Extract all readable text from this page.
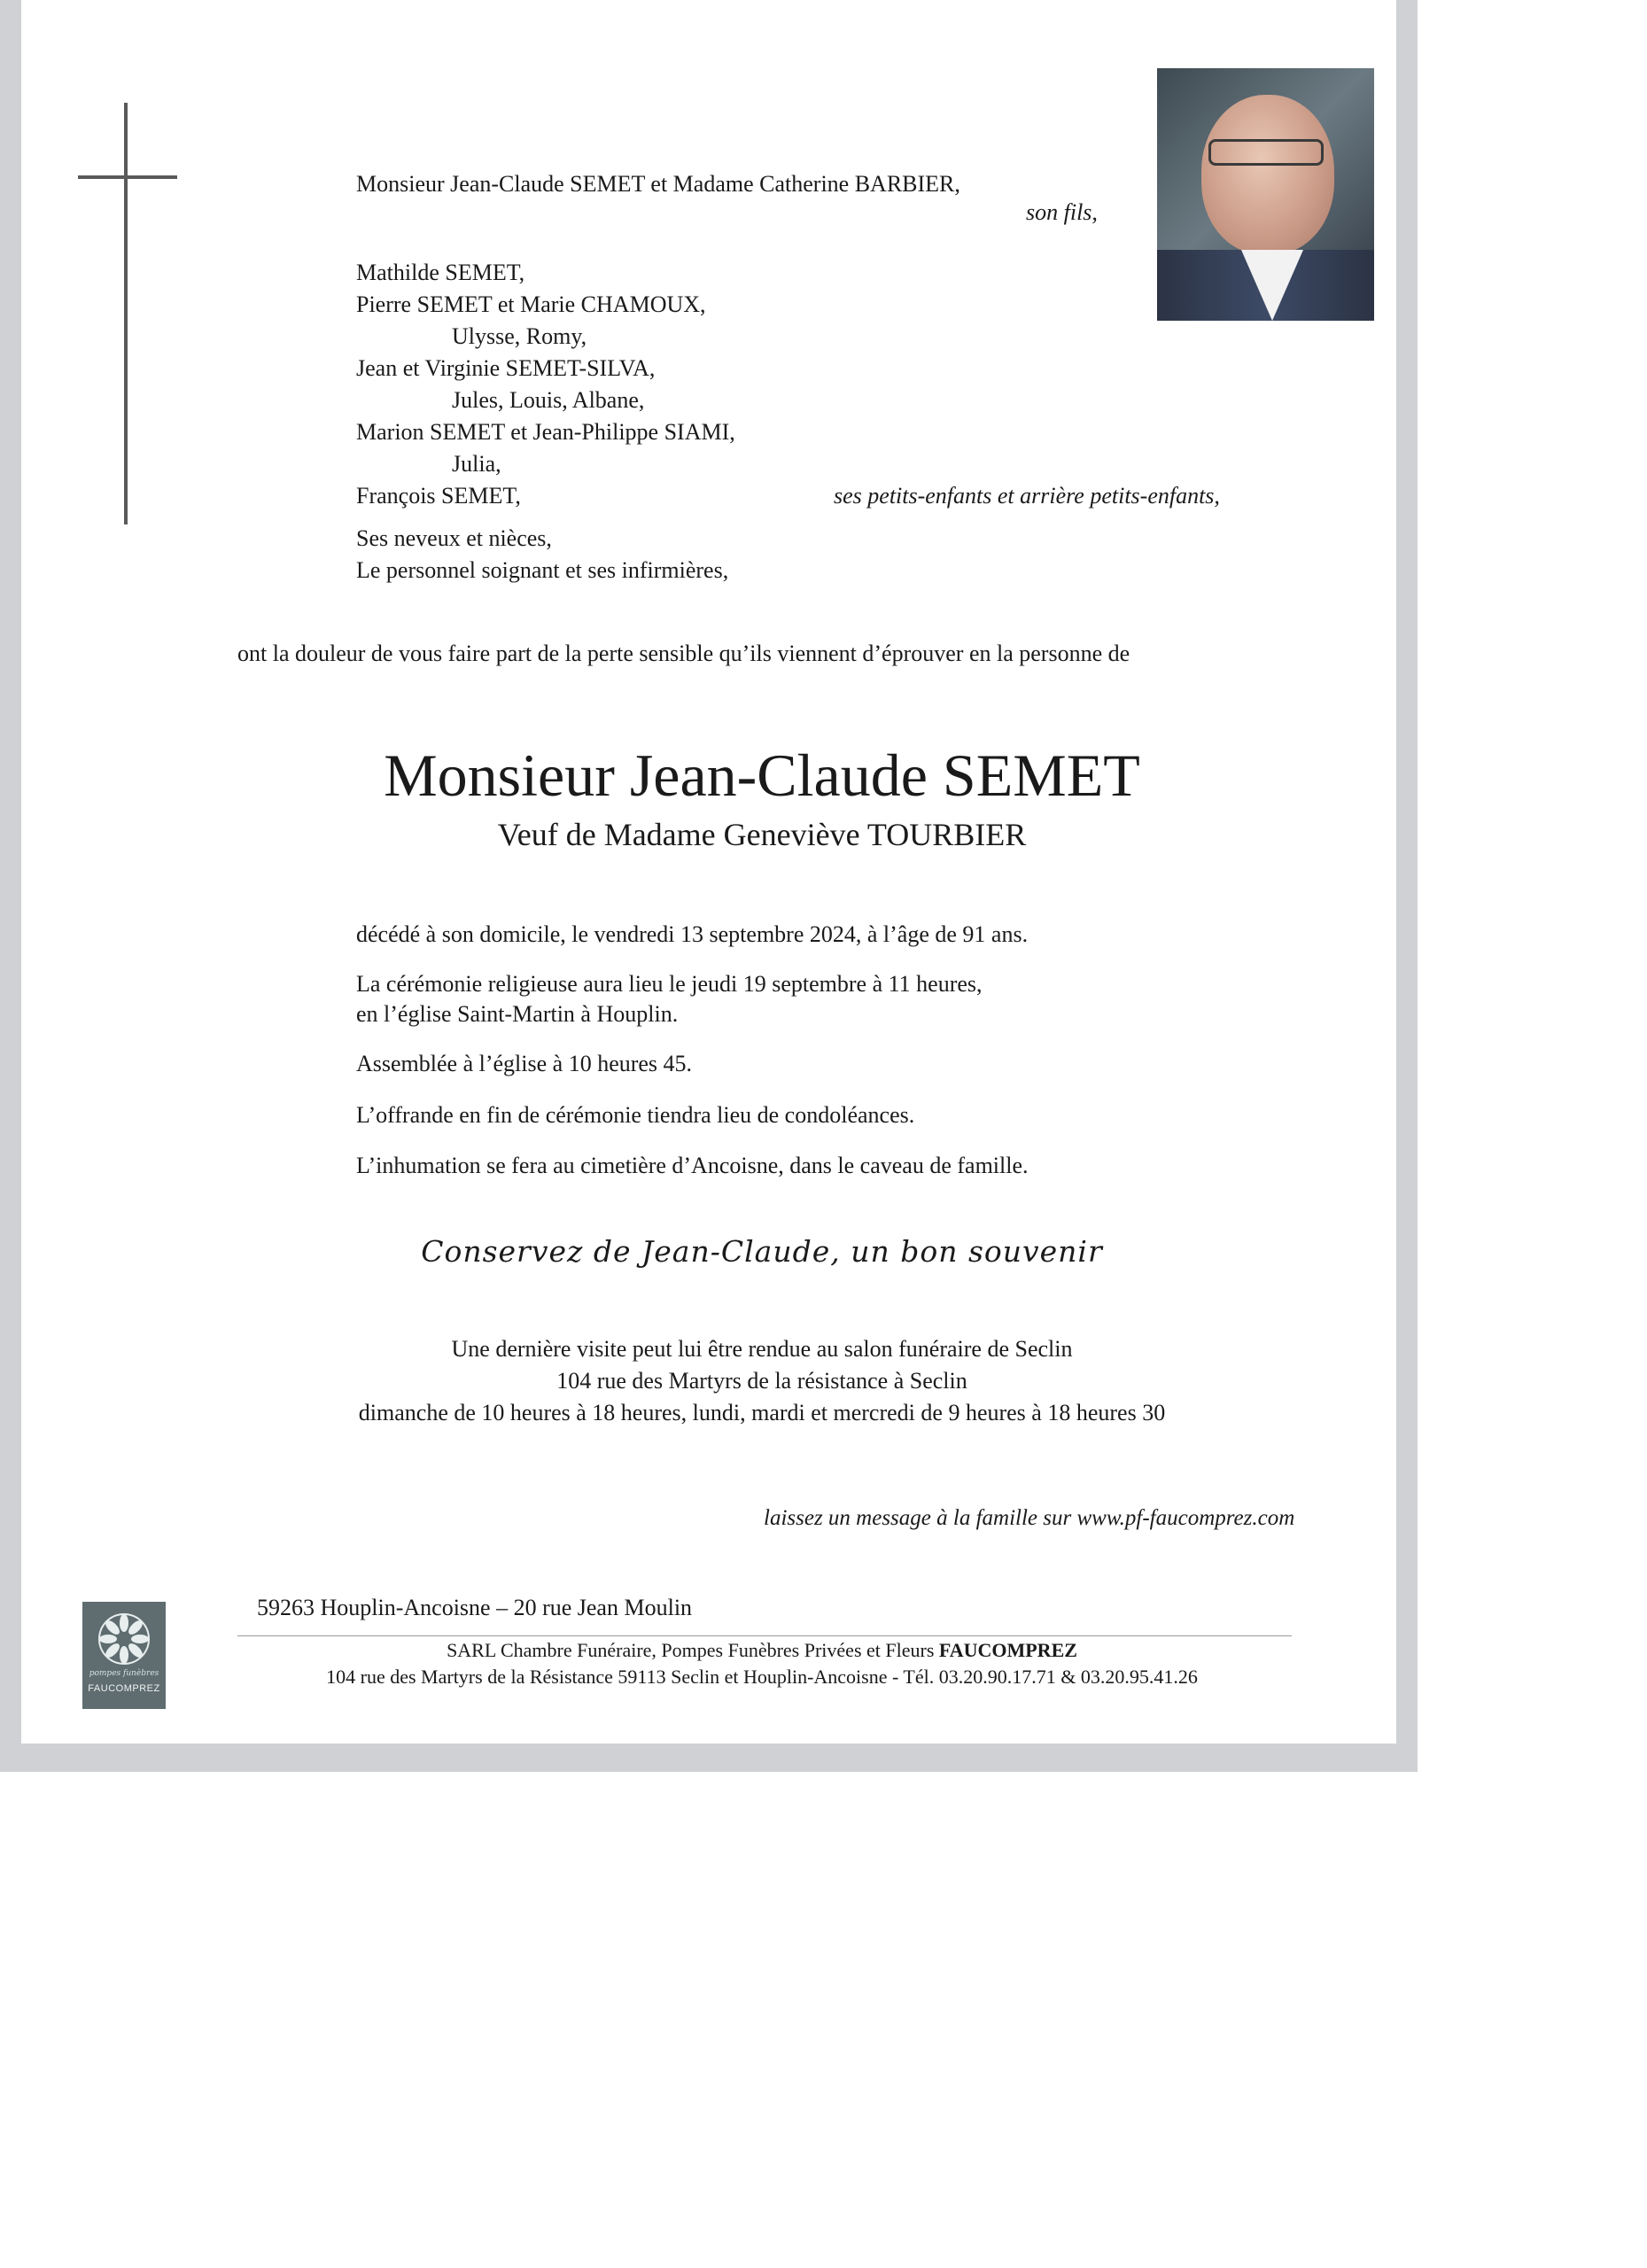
Monsieur Jean-Claude SEMET et Madame Catherine BARBIER,
son fils,
Mathilde SEMET,
Pierre SEMET et Marie CHAMOUX,
Ulysse, Romy,
Jean et Virginie SEMET-SILVA,
Jules, Louis, Albane,
Marion SEMET et Jean-Philippe SIAMI,
Julia,
François SEMET,	ses petits-enfants et arrière petits-enfants,
Ses neveux et nièces,
Le personnel soignant et ses infirmières,
ont la douleur de vous faire part de la perte sensible qu’ils viennent d’éprouver en la personne de
Monsieur Jean-Claude SEMET
Veuf de Madame Geneviève TOURBIER
décédé à son domicile, le vendredi 13 septembre 2024, à l’âge de 91 ans.
La cérémonie religieuse aura lieu le jeudi 19 septembre à 11 heures,
en l’église Saint-Martin à Houplin.
Assemblée à l’église à 10 heures 45.
L’offrande en fin de cérémonie tiendra lieu de condoléances.
L’inhumation se fera au cimetière d’Ancoisne, dans le caveau de famille.
Conservez de Jean-Claude, un bon souvenir
Une dernière visite peut lui être rendue au salon funéraire de Seclin
104 rue des Martyrs de la résistance à Seclin
dimanche de 10 heures à 18 heures, lundi, mardi et mercredi de 9 heures à 18 heures 30
laissez un message à la famille sur www.pf-faucomprez.com
pompes funèbres
FAUCOMPREZ
59263 Houplin-Ancoisne – 20 rue Jean Moulin
SARL Chambre Funéraire, Pompes Funèbres Privées et Fleurs FAUCOMPREZ
104 rue des Martyrs de la Résistance 59113 Seclin et Houplin-Ancoisne - Tél. 03.20.90.17.71 & 03.20.95.41.26
